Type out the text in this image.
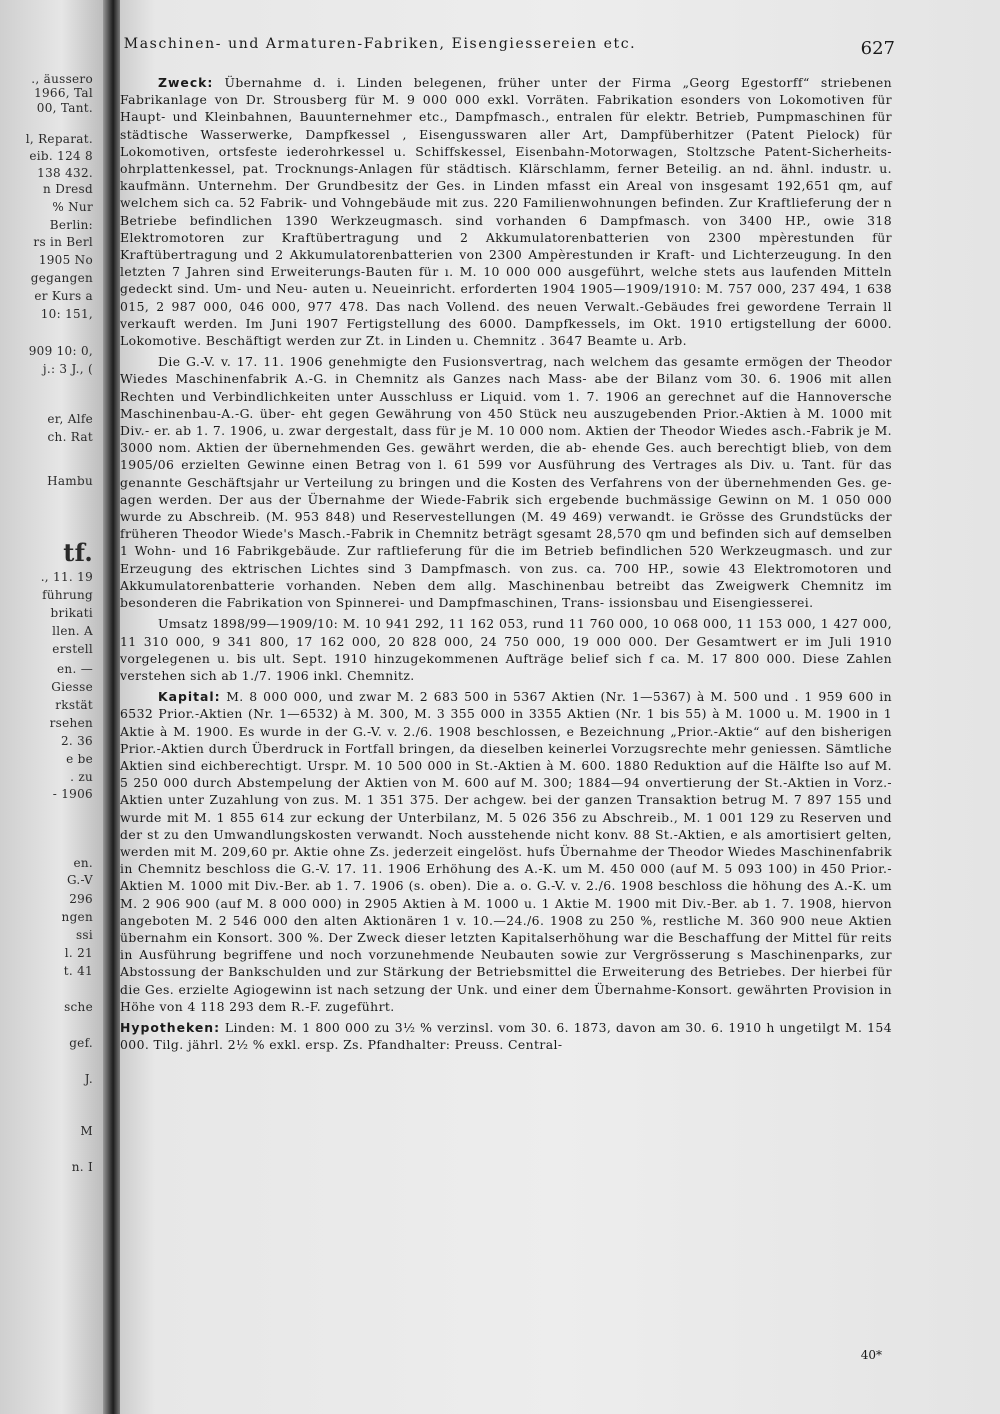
., äussero
1966, Tal
00, Tant.
l, Reparat.
eib. 124 8
138 432.
n Dresd
% Nur
Berlin:
rs in Berl
1905 No
gegangen
er Kurs a
10: 151,
909 10: 0,
j.: 3 J., (
er, Alfe
ch. Rat
Hambu
tf.
., 11. 19
führung
brikati
llen. A
erstell
en. —
Giesse
rkstät
rsehen
2. 36
e be
. zu
- 1906
en.
G.-V
296
ngen
ssi
l. 21
t. 41
sche
gef.
J.
M
n. I

Zweck: Übernahme d. i. Linden belegenen, früher unter der Firma „Georg Egestorff“ striebenen Fabrikanlage von Dr. Strousberg für M. 9 000 000 exkl. Vorräten. Fabrikation esonders von Lokomotiven für Haupt- und Kleinbahnen, Bauunternehmer etc., Dampfmasch., entralen für elektr. Betrieb, Pumpmaschinen für städtische Wasserwerke, Dampfkessel , Eisengusswaren aller Art, Dampfüberhitzer (Patent Pielock) für Lokomotiven, ortsfeste iederohrkessel u. Schiffskessel, Eisenbahn-Motorwagen, Stoltzsche Patent-Sicherheits- ohrplattenkessel, pat. Trocknungs-Anlagen für städtisch. Klärschlamm, ferner Beteilig. an nd. ähnl. industr. u. kaufmänn. Unternehm. Der Grundbesitz der Ges. in Linden mfasst ein Areal von insgesamt 192,651 qm, auf welchem sich ca. 52 Fabrik- und Vohngebäude mit zus. 220 Familienwohnungen befinden. Zur Kraftlieferung der n Betriebe befindlichen 1390 Werkzeugmasch. sind vorhanden 6 Dampfmasch. von 3400 HP., owie 318 Elektromotoren zur Kraftübertragung und 2 Akkumulatorenbatterien von 2300 mpèrestunden für Kraftübertragung und 2 Akkumulatorenbatterien von 2300 Ampèrestunden ir Kraft- und Lichterzeugung. In den letzten 7 Jahren sind Erweiterungs-Bauten für ı. M. 10 000 000 ausgeführt, welche stets aus laufenden Mitteln gedeckt sind. Um- und Neu- auten u. Neueinricht. erforderten 1904 1905—1909/1910: M. 757 000, 237 494, 1 638 015, 2 987 000, 046 000, 977 478. Das nach Vollend. des neuen Verwalt.-Gebäudes frei gewordene Terrain ll verkauft werden. Im Juni 1907 Fertigstellung des 6000. Dampfkessels, im Okt. 1910 ertigstellung der 6000. Lokomotive. Beschäftigt werden zur Zt. in Linden u. Chemnitz . 3647 Beamte u. Arb.

Die G.-V. v. 17. 11. 1906 genehmigte den Fusionsvertrag, nach welchem das gesamte ermögen der Theodor Wiedes Maschinenfabrik A.-G. in Chemnitz als Ganzes nach Mass- abe der Bilanz vom 30. 6. 1906 mit allen Rechten und Verbindlichkeiten unter Ausschluss er Liquid. vom 1. 7. 1906 an gerechnet auf die Hannoversche Maschinenbau-A.-G. über- eht gegen Gewährung von 450 Stück neu auszugebenden Prior.-Aktien à M. 1000 mit Div.- er. ab 1. 7. 1906, u. zwar dergestalt, dass für je M. 10 000 nom. Aktien der Theodor Wiedes asch.-Fabrik je M. 3000 nom. Aktien der übernehmenden Ges. gewährt werden, die ab- ehende Ges. auch berechtigt blieb, von dem 1905/06 erzielten Gewinne einen Betrag von l. 61 599 vor Ausführung des Vertrages als Div. u. Tant. für das genannte Geschäftsjahr ur Verteilung zu bringen und die Kosten des Verfahrens von der übernehmenden Ges. ge- agen werden. Der aus der Übernahme der Wiede-Fabrik sich ergebende buchmässige Gewinn on M. 1 050 000 wurde zu Abschreib. (M. 953 848) und Reservestellungen (M. 49 469) verwandt. ie Grösse des Grundstücks der früheren Theodor Wiede's Masch.-Fabrik in Chemnitz beträgt sgesamt 28,570 qm und befinden sich auf demselben 1 Wohn- und 16 Fabrikgebäude. Zur raftlieferung für die im Betrieb befindlichen 520 Werkzeugmasch. und zur Erzeugung des ektrischen Lichtes sind 3 Dampfmasch. von zus. ca. 700 HP., sowie 43 Elektromotoren und Akkumulatorenbatterie vorhanden. Neben dem allg. Maschinenbau betreibt das Zweigwerk Chemnitz im besonderen die Fabrikation von Spinnerei- und Dampfmaschinen, Trans- issionsbau und Eisengiesserei.

Umsatz 1898/99—1909/10: M. 10 941 292, 11 162 053, rund 11 760 000, 10 068 000, 11 153 000, 1 427 000, 11 310 000, 9 341 800, 17 162 000, 20 828 000, 24 750 000, 19 000 000. Der Gesamtwert er im Juli 1910 vorgelegenen u. bis ult. Sept. 1910 hinzugekommenen Aufträge belief sich f ca. M. 17 800 000. Diese Zahlen verstehen sich ab 1./7. 1906 inkl. Chemnitz.

Kapital: M. 8 000 000, und zwar M. 2 683 500 in 5367 Aktien (Nr. 1—5367) à M. 500 und . 1 959 600 in 6532 Prior.-Aktien (Nr. 1—6532) à M. 300, M. 3 355 000 in 3355 Aktien (Nr. 1 bis 55) à M. 1000 u. M. 1900 in 1 Aktie à M. 1900. Es wurde in der G.-V. v. 2./6. 1908 beschlossen, e Bezeichnung „Prior.-Aktie“ auf den bisherigen Prior.-Aktien durch Überdruck in Fortfall bringen, da dieselben keinerlei Vorzugsrechte mehr geniessen. Sämtliche Aktien sind eichberechtigt. Urspr. M. 10 500 000 in St.-Aktien à M. 600. 1880 Reduktion auf die Hälfte lso auf M. 5 250 000 durch Abstempelung der Aktien von M. 600 auf M. 300; 1884—94 onvertierung der St.-Aktien in Vorz.-Aktien unter Zuzahlung von zus. M. 1 351 375. Der achgew. bei der ganzen Transaktion betrug M. 7 897 155 und wurde mit M. 1 855 614 zur eckung der Unterbilanz, M. 5 026 356 zu Abschreib., M. 1 001 129 zu Reserven und der st zu den Umwandlungskosten verwandt. Noch ausstehende nicht konv. 88 St.-Aktien, e als amortisiert gelten, werden mit M. 209,60 pr. Aktie ohne Zs. jederzeit eingelöst. hufs Übernahme der Theodor Wiedes Maschinenfabrik in Chemnitz beschloss die G.-V. 17. 11. 1906 Erhöhung des A.-K. um M. 450 000 (auf M. 5 093 100) in 450 Prior.-Aktien M. 1000 mit Div.-Ber. ab 1. 7. 1906 (s. oben). Die a. o. G.-V. v. 2./6. 1908 beschloss die höhung des A.-K. um M. 2 906 900 (auf M. 8 000 000) in 2905 Aktien à M. 1000 u. 1 Aktie M. 1900 mit Div.-Ber. ab 1. 7. 1908, hiervon angeboten M. 2 546 000 den alten Aktionären 1 v. 10.—24./6. 1908 zu 250 %, restliche M. 360 900 neue Aktien übernahm ein Konsort. 300 %. Der Zweck dieser letzten Kapitalserhöhung war die Beschaffung der Mittel für reits in Ausführung begriffene und noch vorzunehmende Neubauten sowie zur Vergrösserung s Maschinenparks, zur Abstossung der Bankschulden und zur Stärkung der Betriebsmittel die Erweiterung des Betriebes. Der hierbei für die Ges. erzielte Agiogewinn ist nach setzung der Unk. und einer dem Übernahme-Konsort. gewährten Provision in Höhe von 4 118 293 dem R.-F. zugeführt.

Hypotheken: Linden: M. 1 800 000 zu 3½ % verzinsl. vom 30. 6. 1873, davon am 30. 6. 1910 h ungetilgt M. 154 000. Tilg. jährl. 2½ % exkl. ersp. Zs. Pfandhalter: Preuss. Central-

Maschinen- und Armaturen-Fabriken, Eisengiessereien etc.	627
40*
